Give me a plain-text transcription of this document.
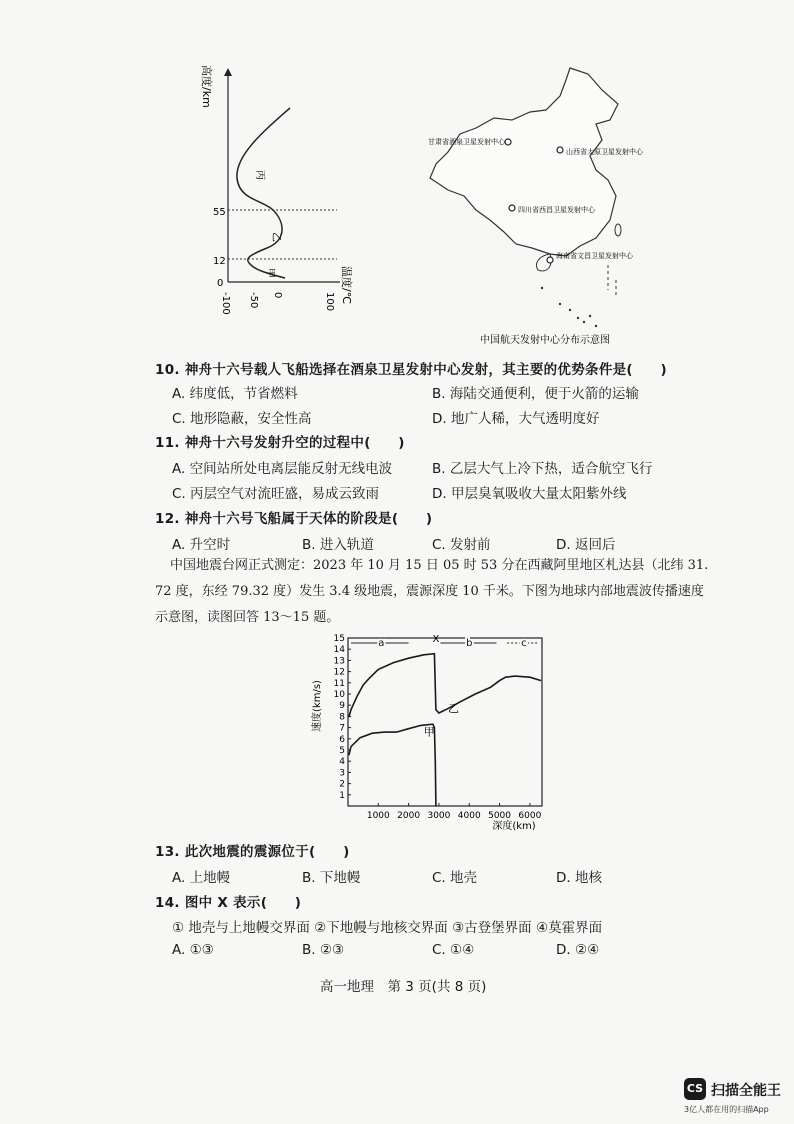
高度/km
55
12
0
-100 -50 0	100 温度/℃
丙
乙
甲
甘肃省酒泉卫星发射中心
山西省太原卫星发射中心
四川省西昌卫星发射中心
海南省文昌卫星发射中心
中国航天发射中心分布示意图
10. 神舟十六号载人飞船选择在酒泉卫星发射中心发射，其主要的优势条件是(　　)
A. 纬度低，节省燃料	B. 海陆交通便利，便于火箭的运输
C. 地形隐蔽，安全性高	D. 地广人稀，大气透明度好
11. 神舟十六号发射升空的过程中(　　)
A. 空间站所处电离层能反射无线电波	B. 乙层大气上冷下热，适合航空飞行
C. 丙层空气对流旺盛，易成云致雨	D. 甲层臭氧吸收大量太阳紫外线
12. 神舟十六号飞船属于天体的阶段是(　　)
A. 升空时	B. 进入轨道	C. 发射前	D. 返回后
中国地震台网正式测定：2023 年 10 月 15 日 05 时 53 分在西藏阿里地区札达县（北纬 31.
72 度，东经 79.32 度）发生 3.4 级地震，震源深度 10 千米。下图为地球内部地震波传播速度
示意图，读图回答 13～15 题。
1
2
3
4
5
6
7
8
9
10
11
12
13
14
15
1000 2000 3000 4000 5000 6000
a	X	b	c
乙
甲
速度(km/s)
深度(km)
13. 此次地震的震源位于(　　)
A. 上地幔	B. 下地幔	C. 地壳	D. 地核
14. 图中 X 表示(　　)
① 地壳与上地幔交界面 ②下地幔与地核交界面 ③古登堡界面 ④莫霍界面
A. ①③	B. ②③	C. ①④	D. ②④
高一地理　第 3 页(共 8 页)
CS 扫描全能王
3亿人都在用的扫描App
